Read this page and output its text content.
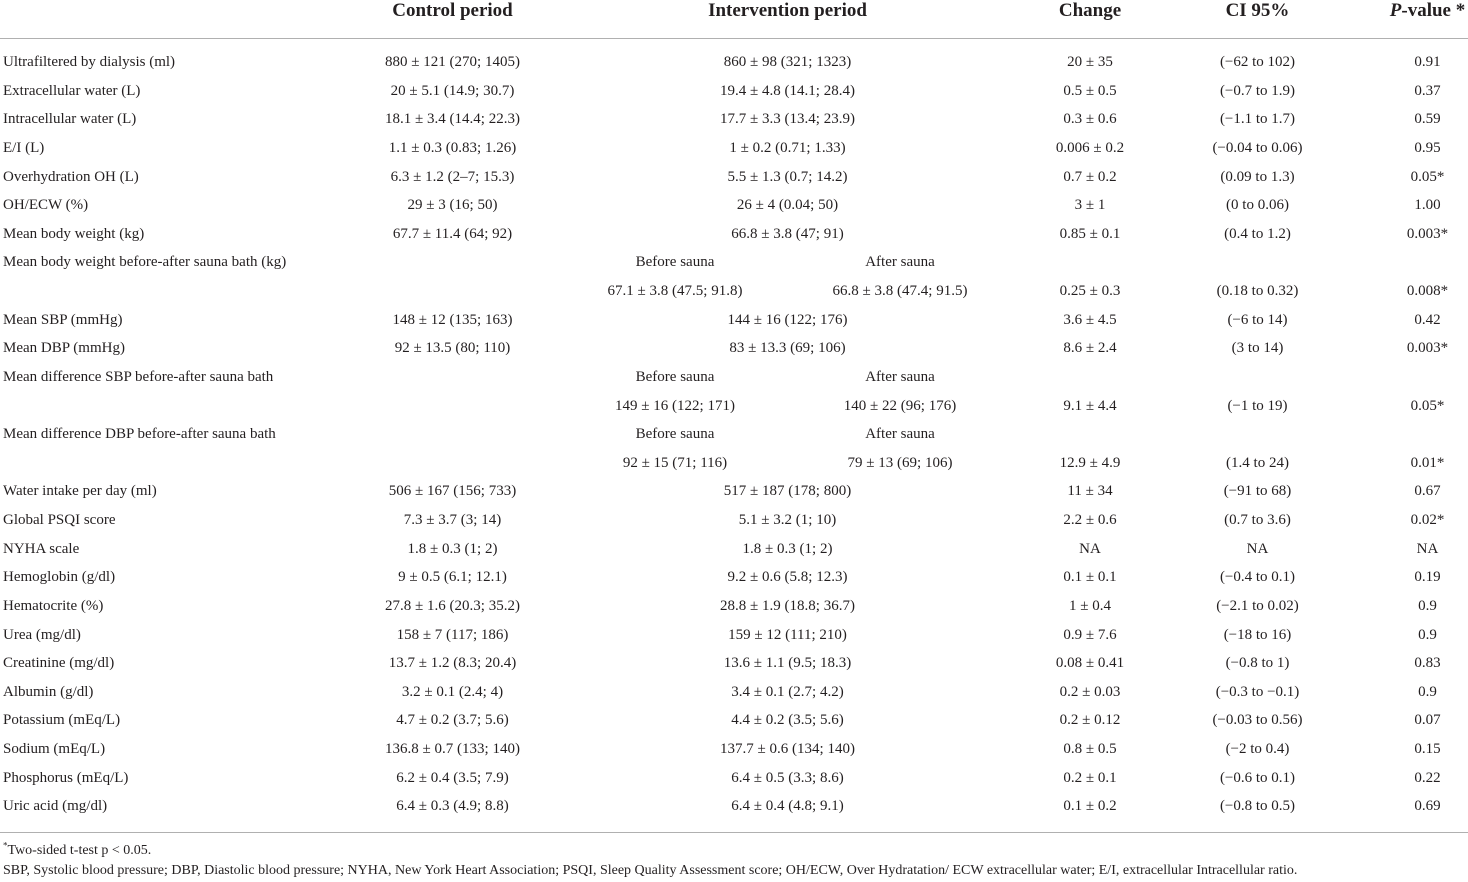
Control period	Intervention period	Change	CI 95%	P-value *
Ultrafiltered by dialysis (ml)	880 ± 121 (270; 1405)	860 ± 98 (321; 1323)	20 ± 35	(−62 to 102)	0.91
Extracellular water (L)	20 ± 5.1 (14.9; 30.7)	19.4 ± 4.8 (14.1; 28.4)	0.5 ± 0.5	(−0.7 to 1.9)	0.37
Intracellular water (L)	18.1 ± 3.4 (14.4; 22.3)	17.7 ± 3.3 (13.4; 23.9)	0.3 ± 0.6	(−1.1 to 1.7)	0.59
E/I (L)	1.1 ± 0.3 (0.83; 1.26)	1 ± 0.2 (0.71; 1.33)	0.006 ± 0.2	(−0.04 to 0.06)	0.95
Overhydration OH (L)	6.3 ± 1.2 (2–7; 15.3)	5.5 ± 1.3 (0.7; 14.2)	0.7 ± 0.2	(0.09 to 1.3)	0.05*
OH/ECW (%)	29 ± 3 (16; 50)	26 ± 4 (0.04; 50)	3 ± 1	(0 to 0.06)	1.00
Mean body weight (kg)	67.7 ± 11.4 (64; 92)	66.8 ± 3.8 (47; 91)	0.85 ± 0.1	(0.4 to 1.2)	0.003*
Mean body weight before-after sauna bath (kg)	Before sauna	After sauna
67.1 ± 3.8 (47.5; 91.8)	66.8 ± 3.8 (47.4; 91.5)	0.25 ± 0.3	(0.18 to 0.32)	0.008*
Mean SBP (mmHg)	148 ± 12 (135; 163)	144 ± 16 (122; 176)	3.6 ± 4.5	(−6 to 14)	0.42
Mean DBP (mmHg)	92 ± 13.5 (80; 110)	83 ± 13.3 (69; 106)	8.6 ± 2.4	(3 to 14)	0.003*
Mean difference SBP before-after sauna bath	Before sauna	After sauna
149 ± 16 (122; 171)	140 ± 22 (96; 176)	9.1 ± 4.4	(−1 to 19)	0.05*
Mean difference DBP before-after sauna bath	Before sauna	After sauna
92 ± 15 (71; 116)	79 ± 13 (69; 106)	12.9 ± 4.9	(1.4 to 24)	0.01*
Water intake per day (ml)	506 ± 167 (156; 733)	517 ± 187 (178; 800)	11 ± 34	(−91 to 68)	0.67
Global PSQI score	7.3 ± 3.7 (3; 14)	5.1 ± 3.2 (1; 10)	2.2 ± 0.6	(0.7 to 3.6)	0.02*
NYHA scale	1.8 ± 0.3 (1; 2)	1.8 ± 0.3 (1; 2)	NA	NA	NA
Hemoglobin (g/dl)	9 ± 0.5 (6.1; 12.1)	9.2 ± 0.6 (5.8; 12.3)	0.1 ± 0.1	(−0.4 to 0.1)	0.19
Hematocrite (%)	27.8 ± 1.6 (20.3; 35.2)	28.8 ± 1.9 (18.8; 36.7)	1 ± 0.4	(−2.1 to 0.02)	0.9
Urea (mg/dl)	158 ± 7 (117; 186)	159 ± 12 (111; 210)	0.9 ± 7.6	(−18 to 16)	0.9
Creatinine (mg/dl)	13.7 ± 1.2 (8.3; 20.4)	13.6 ± 1.1 (9.5; 18.3)	0.08 ± 0.41	(−0.8 to 1)	0.83
Albumin (g/dl)	3.2 ± 0.1 (2.4; 4)	3.4 ± 0.1 (2.7; 4.2)	0.2 ± 0.03	(−0.3 to −0.1)	0.9
Potassium (mEq/L)	4.7 ± 0.2 (3.7; 5.6)	4.4 ± 0.2 (3.5; 5.6)	0.2 ± 0.12	(−0.03 to 0.56)	0.07
Sodium (mEq/L)	136.8 ± 0.7 (133; 140)	137.7 ± 0.6 (134; 140)	0.8 ± 0.5	(−2 to 0.4)	0.15
Phosphorus (mEq/L)	6.2 ± 0.4 (3.5; 7.9)	6.4 ± 0.5 (3.3; 8.6)	0.2 ± 0.1	(−0.6 to 0.1)	0.22
Uric acid (mg/dl)	6.4 ± 0.3 (4.9; 8.8)	6.4 ± 0.4 (4.8; 9.1)	0.1 ± 0.2	(−0.8 to 0.5)	0.69
*Two-sided t-test p < 0.05.
SBP, Systolic blood pressure; DBP, Diastolic blood pressure; NYHA, New York Heart Association; PSQI, Sleep Quality Assessment score; OH/ECW, Over Hydratation/ ECW extracellular water; E/I, extracellular Intracellular ratio.
